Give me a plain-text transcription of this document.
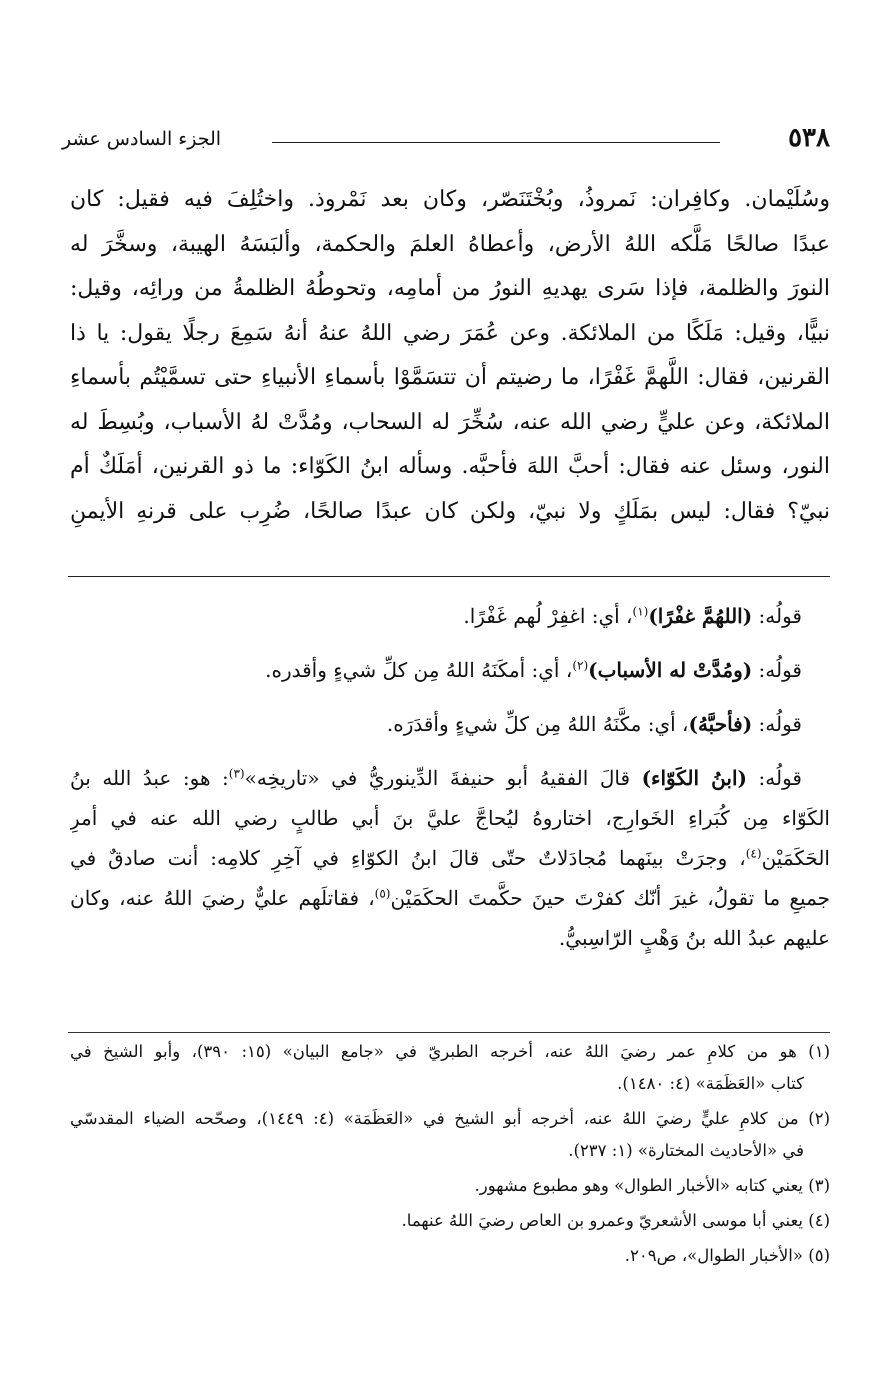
٥٣٨
الجزء السادس عشر
وسُلَيْمان. وكافِران: نَمروذُ، وبُخْتَنَصّر، وكان بعد نَمْروذ. واختُلِفَ فيه فقيل: كان
عبدًا صالحًا مَلَّكه اللهُ الأرض، وأعطاهُ العلمَ والحكمة، وألبَسَهُ الهيبة، وسخَّرَ له
النورَ والظلمة، فإذا سَرى يهديهِ النورُ من أمامِه، وتحوطُهُ الظلمةُ من ورائِه، وقيل:
نبيًّا، وقيل: مَلَكًا من الملائكة. وعن عُمَرَ رضي اللهُ عنهُ أنهُ سَمِعَ رجلًا يقول: يا ذا
القرنين، فقال: اللَّهمَّ غَفْرًا، ما رضيتم أن تتسَمَّوْا بأسماءِ الأنبياءِ حتى تسمَّيْتُم بأسماءِ
الملائكة، وعن عليٍّ رضي الله عنه، سُخِّرَ له السحاب، ومُدَّتْ لهُ الأسباب، وبُسِطَ له
النور، وسئل عنه فقال: أحبَّ اللهَ فأحبَّه. وسأله ابنُ الكَوّاء: ما ذو القرنين، أمَلَكٌ أم
نبيّ؟ فقال: ليس بمَلَكٍ ولا نبيّ، ولكن كان عبدًا صالحًا، ضُرِب على قرنهِ الأيمنِ

قولُه: (اللهُمَّ غفْرًا)$^{(١)}$، أي: اغفِرْ لُهم غَفْرًا.

قولُه: (ومُدَّتْ له الأسباب)$^{(٢)}$، أي: أمكَنَهُ اللهُ مِن كلِّ شيءٍ وأقدره.

قولُه: (فأحبَّهُ)، أي: مكَّنَهُ اللهُ مِن كلِّ شيءٍ وأقدَرَه.

قولُه: (ابنُ الكَوّاء) قالَ الفقيهُ أبو حنيفةَ الدِّينوريُّ في «تاريخِه»$^{(٣)}$: هو: عبدُ الله بنُ
الكَوّاء مِن كُبَراءِ الخَوارِج، اختاروهُ ليُحاجَّ عليَّ بنَ أبي طالبٍ رضي الله عنه في أمرِ
الحَكَمَيْن$^{(٤)}$، وجرَتْ بينَهما مُجادَلاتٌ حتّى قالَ ابنُ الكوّاءِ في آخِرِ كلامِه: أنت صادقٌ في
جميعِ ما تقولُ، غيرَ أنّك كفرْتَ حينَ حكَّمتَ الحكَمَيْن$^{(٥)}$، فقاتلَهم عليٌّ رضيَ اللهُ عنه، وكان
عليهم عبدُ الله بنُ وَهْبٍ الرّاسِبيُّ.
(١) هو من كلامِ عمر رضيَ اللهُ عنه، أخرجه الطبريّ في «جامع البيان» (١٥: ٣٩٠)، وأبو الشيخ في
كتاب «العَظَمَة» (٤: ١٤٨٠).
(٢) من كلامِ عليٍّ رضيَ اللهُ عنه، أخرجه أبو الشيخ في «العَظَمَة» (٤: ١٤٤٩)، وصحّحه الضياء المقدسّي
في «الأحاديث المختارة» (١: ٢٣٧).
(٣) يعني كتابه «الأخبار الطوال» وهو مطبوع مشهور.
(٤) يعني أبا موسى الأشعريّ وعمرو بن العاص رضيَ اللهُ عنهما.
(٥) «الأخبار الطوال»، ص٢٠٩.
